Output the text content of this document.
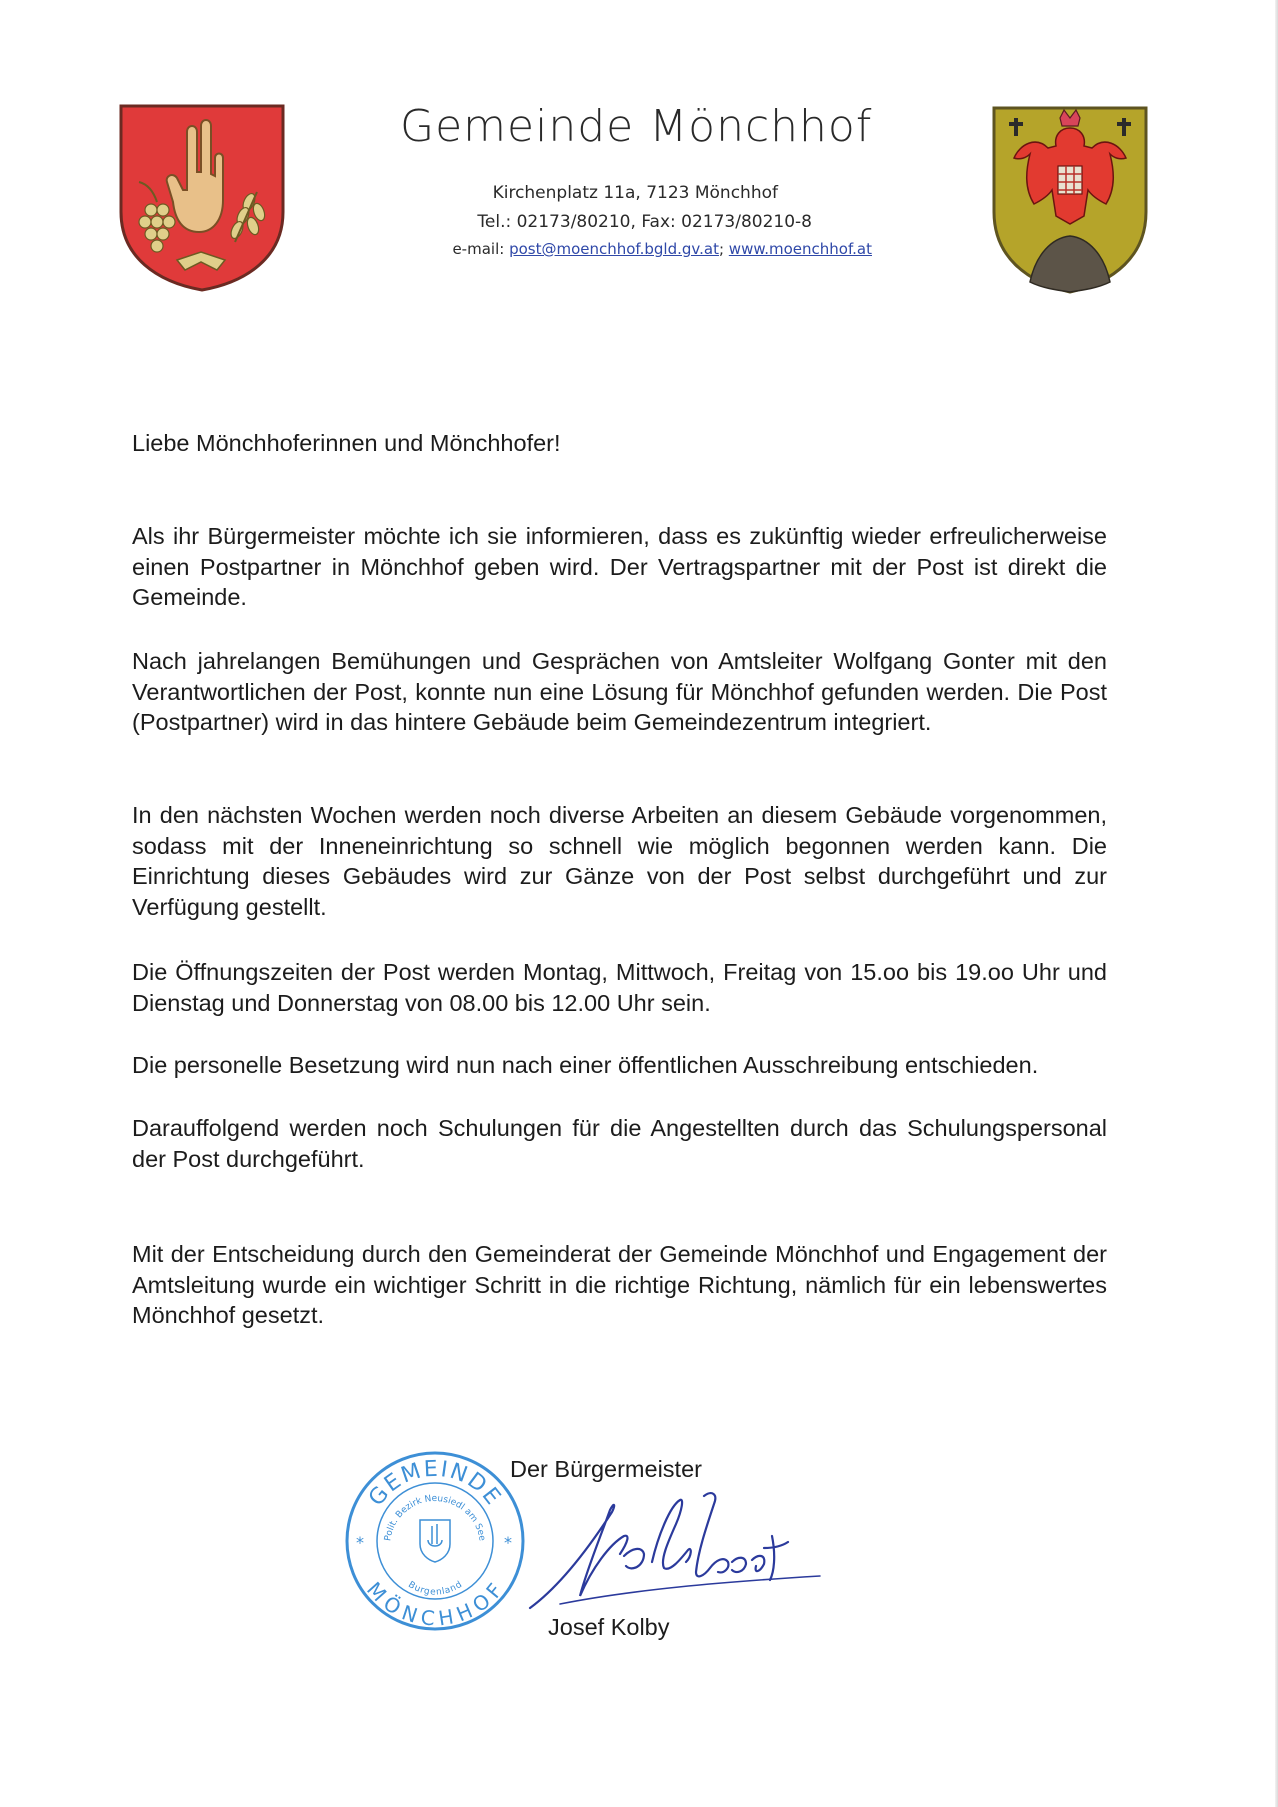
Gemeinde Mönchhof
Kirchenplatz 11a, 7123 Mönchhof
Tel.: 02173/80210, Fax: 02173/80210-8
e-mail: post@moenchhof.bgld.gv.at; www.moenchhof.at
Liebe Mönchhoferinnen und Mönchhofer!
Als ihr Bürgermeister möchte ich sie informieren, dass es zukünftig wieder erfreulicherweise einen Postpartner in Mönchhof geben wird. Der Vertragspartner mit der Post ist direkt die Gemeinde.
Nach jahrelangen Bemühungen und Gesprächen von Amtsleiter Wolfgang Gonter mit den Verantwortlichen der Post, konnte nun eine Lösung für Mönchhof gefunden werden. Die Post (Postpartner) wird in das hintere Gebäude beim Gemeindezentrum integriert.
In den nächsten Wochen werden noch diverse Arbeiten an diesem Gebäude vorgenommen, sodass mit der Inneneinrichtung so schnell wie möglich begonnen werden kann. Die Einrichtung dieses Gebäudes wird zur Gänze von der Post selbst durchgeführt und zur Verfügung gestellt.
Die Öffnungszeiten der Post werden Montag, Mittwoch, Freitag von 15.oo bis 19.oo Uhr und Dienstag und Donnerstag von 08.00 bis 12.00 Uhr sein.
Die personelle Besetzung wird nun nach einer öffentlichen Ausschreibung entschieden.
Darauffolgend werden noch Schulungen für die Angestellten durch das Schulungspersonal der Post durchgeführt.
Mit der Entscheidung durch den Gemeinderat der Gemeinde Mönchhof und Engagement der Amtsleitung wurde ein wichtiger Schritt in die richtige Richtung, nämlich für ein lebenswertes Mönchhof gesetzt.
Der Bürgermeister
GEMEINDE
MÖNCHHOF
Polit. Bezirk Neusiedl am See
Burgenland
*	*
Josef Kolby
